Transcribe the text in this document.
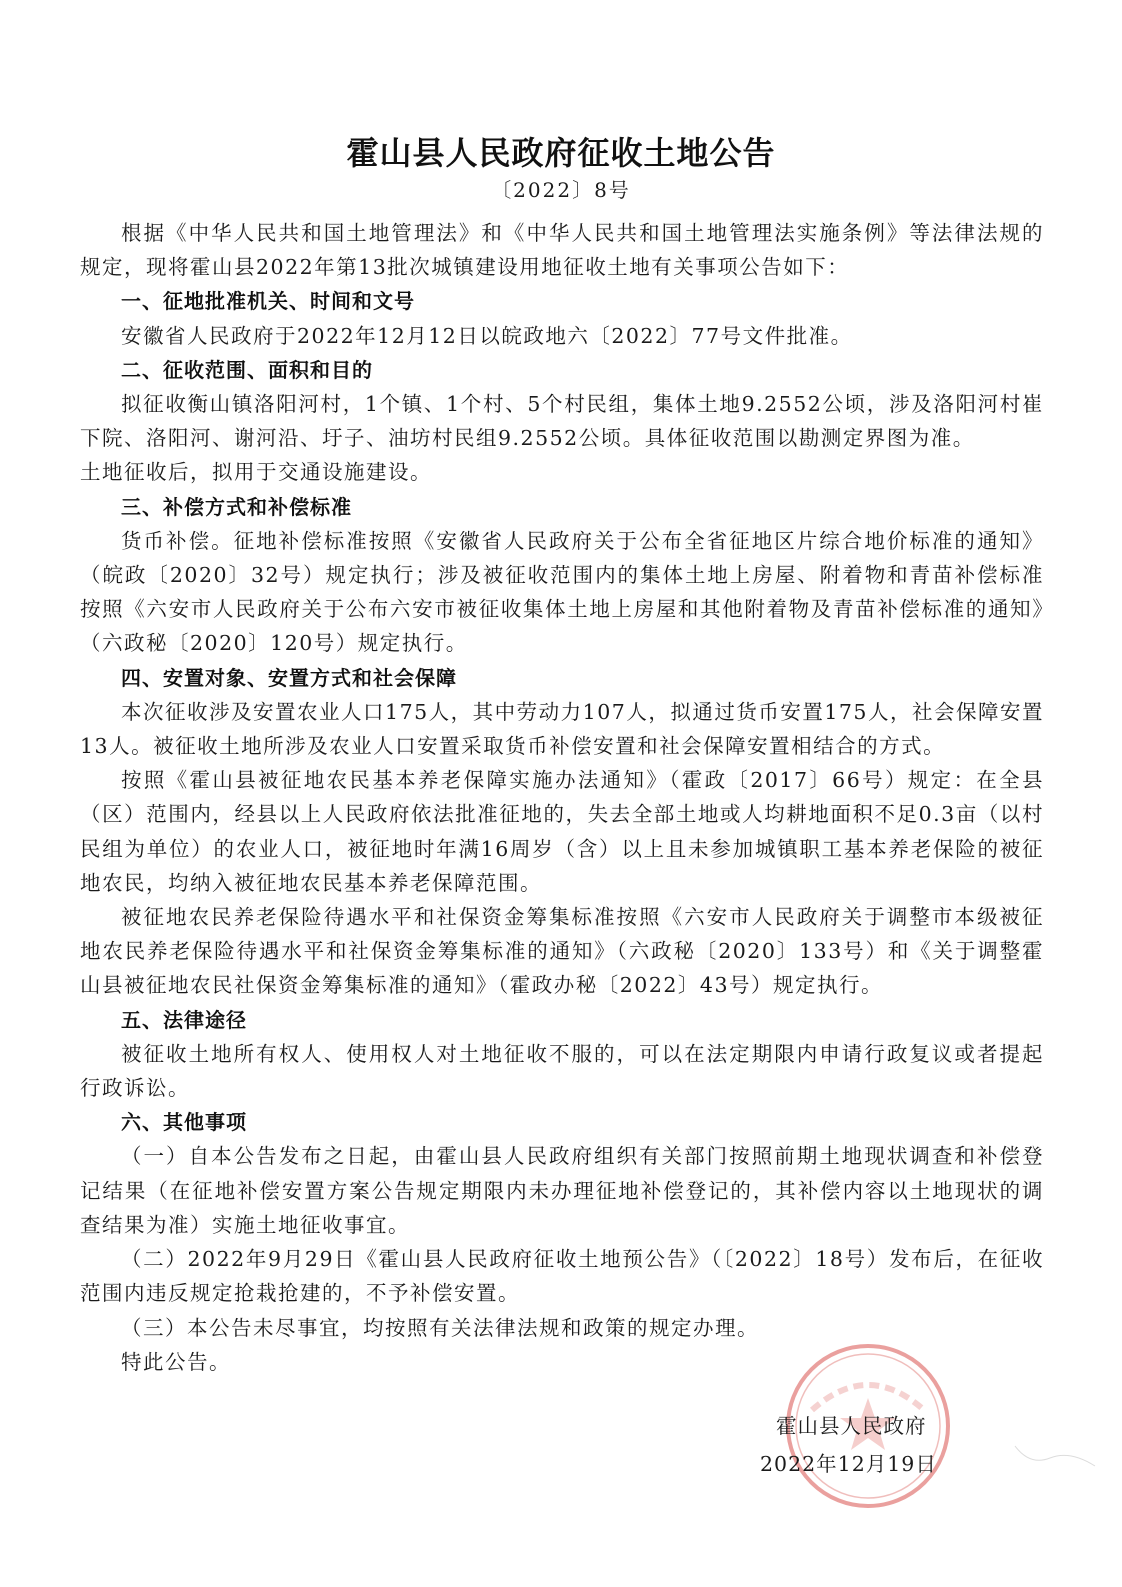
霍山县人民政府征收土地公告
〔2022〕8号

根据《中华人民共和国土地管理法》和《中华人民共和国土地管理法实施条例》等法律法规的规定，现将霍山县2022年第13批次城镇建设用地征收土地有关事项公告如下：

一、征地批准机关、时间和文号

安徽省人民政府于2022年12月12日以皖政地六〔2022〕77号文件批准。

二、征收范围、面积和目的

拟征收衡山镇洛阳河村，1个镇、1个村、5个村民组，集体土地9.2552公顷，涉及洛阳河村崔下院、洛阳河、谢河沿、圩子、油坊村民组9.2552公顷。具体征收范围以勘测定界图为准。

土地征收后，拟用于交通设施建设。

三、补偿方式和补偿标准

货币补偿。征地补偿标准按照《安徽省人民政府关于公布全省征地区片综合地价标准的通知》（皖政〔2020〕32号）规定执行；涉及被征收范围内的集体土地上房屋、附着物和青苗补偿标准按照《六安市人民政府关于公布六安市被征收集体土地上房屋和其他附着物及青苗补偿标准的通知》（六政秘〔2020〕120号）规定执行。

四、安置对象、安置方式和社会保障

本次征收涉及安置农业人口175人，其中劳动力107人，拟通过货币安置175人，社会保障安置13人。被征收土地所涉及农业人口安置采取货币补偿安置和社会保障安置相结合的方式。

按照《霍山县被征地农民基本养老保障实施办法通知》（霍政〔2017〕66号）规定：在全县（区）范围内，经县以上人民政府依法批准征地的，失去全部土地或人均耕地面积不足0.3亩（以村民组为单位）的农业人口，被征地时年满16周岁（含）以上且未参加城镇职工基本养老保险的被征地农民，均纳入被征地农民基本养老保障范围。

被征地农民养老保险待遇水平和社保资金筹集标准按照《六安市人民政府关于调整市本级被征地农民养老保险待遇水平和社保资金筹集标准的通知》（六政秘〔2020〕133号）和《关于调整霍山县被征地农民社保资金筹集标准的通知》（霍政办秘〔2022〕43号）规定执行。

五、法律途径

被征收土地所有权人、使用权人对土地征收不服的，可以在法定期限内申请行政复议或者提起行政诉讼。

六、其他事项

（一）自本公告发布之日起，由霍山县人民政府组织有关部门按照前期土地现状调查和补偿登记结果（在征地补偿安置方案公告规定期限内未办理征地补偿登记的，其补偿内容以土地现状的调查结果为准）实施土地征收事宜。

（二）2022年9月29日《霍山县人民政府征收土地预公告》（〔2022〕18号）发布后，在征收范围内违反规定抢栽抢建的，不予补偿安置。

（三）本公告未尽事宜，均按照有关法律法规和政策的规定办理。

特此公告。

霍山县人民政府
2022年12月19日
